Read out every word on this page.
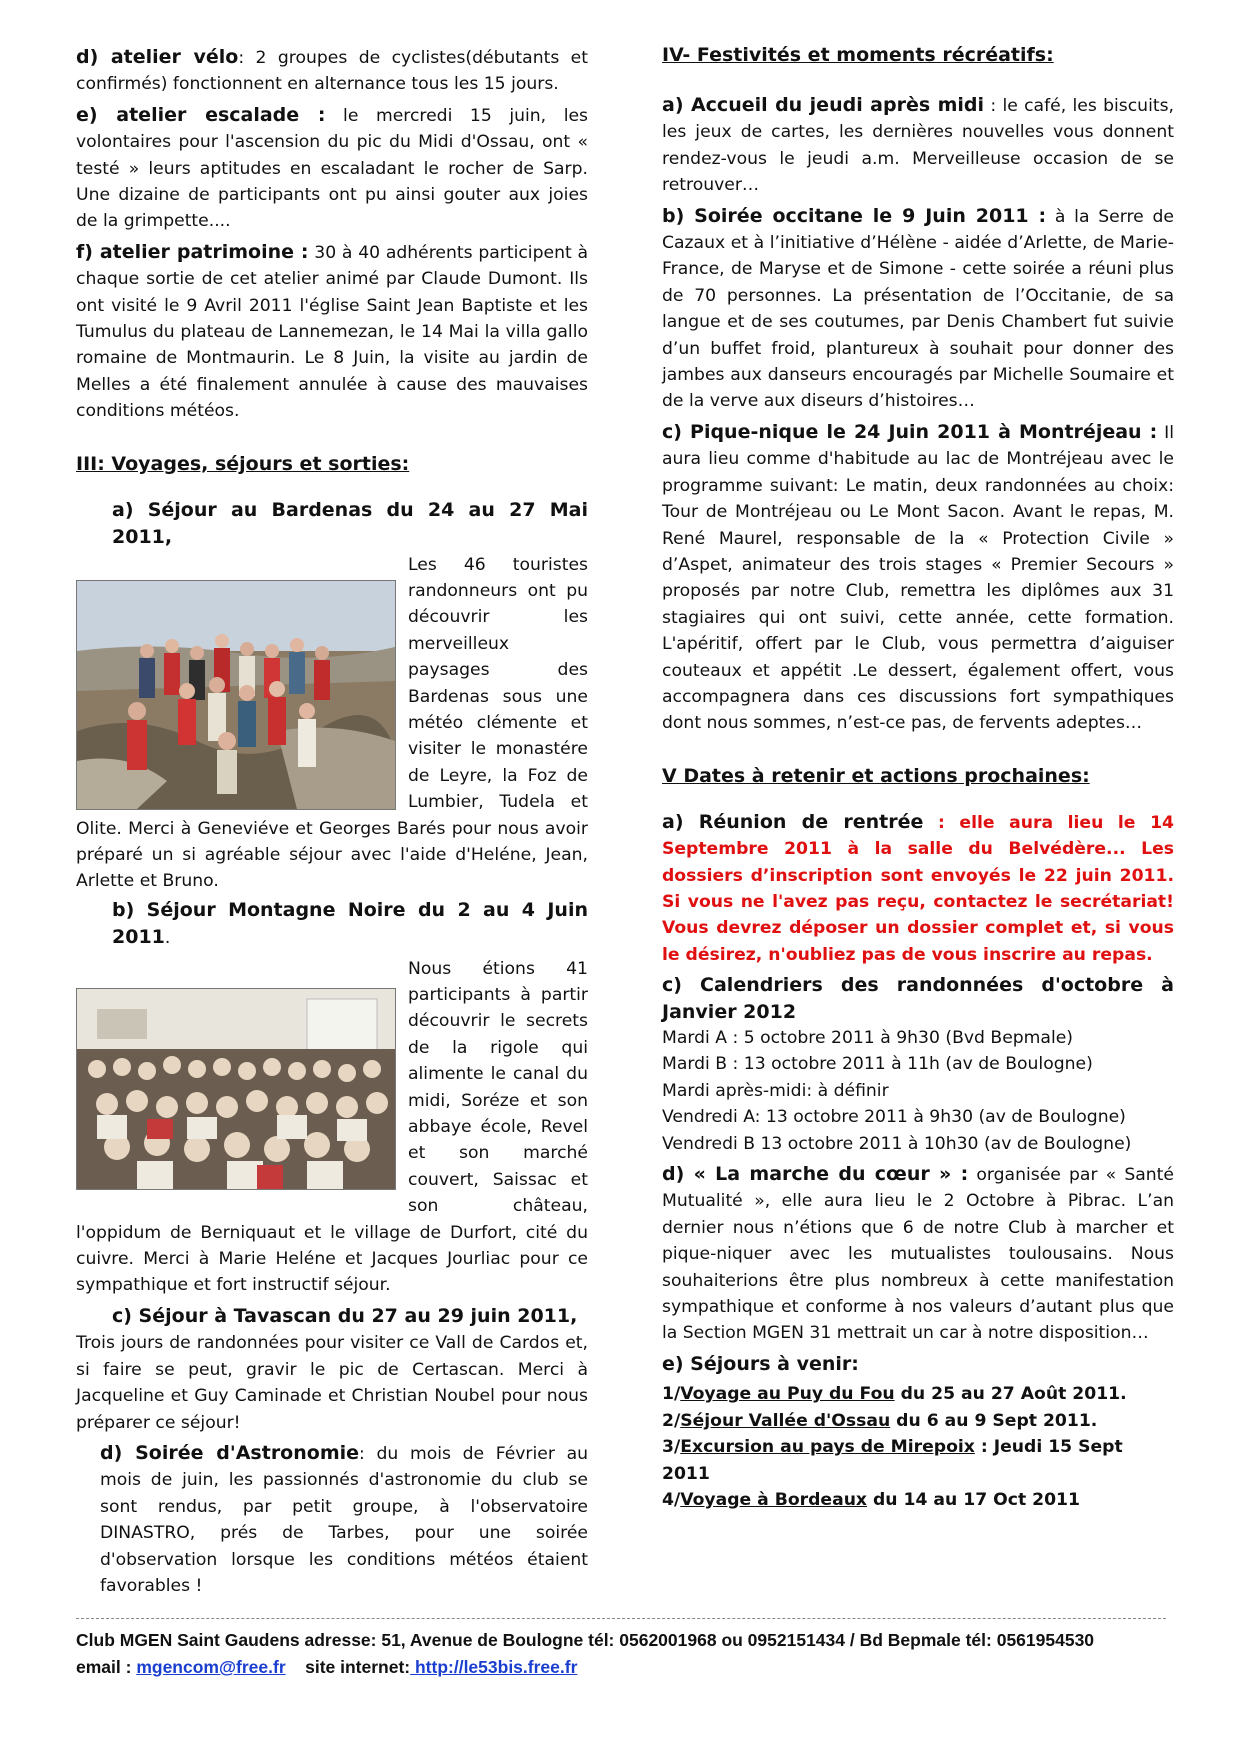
d) atelier vélo: 2 groupes de cyclistes(débutants et confirmés) fonctionnent en alternance tous les 15 jours.

e) atelier escalade : le mercredi 15 juin, les volontaires pour l'ascension du pic du Midi d'Ossau, ont « testé » leurs aptitudes en escaladant le rocher de Sarp. Une dizaine de participants ont pu ainsi gouter aux joies de la grimpette....

f) atelier patrimoine : 30 à 40 adhérents participent à chaque sortie de cet atelier animé par Claude Dumont. Ils ont visité le 9 Avril 2011 l'église Saint Jean Baptiste et les Tumulus du plateau de Lannemezan, le 14 Mai la villa gallo romaine de Montmaurin. Le 8 Juin, la visite au jardin de Melles a été finalement annulée à cause des mauvaises conditions météos.

III: Voyages, séjours et sorties:

a) Séjour au Bardenas du 24 au 27 Mai 2011,

Les 46 touristes randonneurs ont pu découvrir les merveilleux paysages des Bardenas sous une météo clémente et visiter le monastére de Leyre, la Foz de Lumbier, Tudela et Olite. Merci à Geneviéve et Georges Barés pour nous avoir préparé un si agréable séjour avec l'aide d'Heléne, Jean, Arlette et Bruno.

b) Séjour Montagne Noire du 2 au 4 Juin 2011.

Nous étions 41 participants à partir découvrir le secrets de la rigole qui alimente le canal du midi, Soréze et son abbaye école, Revel et son marché couvert, Saissac et son château, l'oppidum de Berniquaut et le village de Durfort, cité du cuivre. Merci à Marie Heléne et Jacques Jourliac pour ce sympathique et fort instructif séjour.

c) Séjour à Tavascan du 27 au 29 juin 2011,

Trois jours de randonnées pour visiter ce Vall de Cardos et, si faire se peut, gravir le pic de Certascan. Merci à Jacqueline et Guy Caminade et Christian Noubel pour nous préparer ce séjour!

d) Soirée d'Astronomie: du mois de Février au mois de juin, les passionnés d'astronomie du club se sont rendus, par petit groupe, à l'observatoire DINASTRO, prés de Tarbes, pour une soirée d'observation lorsque les conditions météos étaient favorables !

IV- Festivités et moments récréatifs:

a) Accueil du jeudi après midi : le café, les biscuits, les jeux de cartes, les dernières nouvelles vous donnent rendez-vous le jeudi a.m. Merveilleuse occasion de se retrouver…

b) Soirée occitane le 9 Juin 2011 : à la Serre de Cazaux et à l’initiative d’Hélène - aidée d’Arlette, de Marie-France, de Maryse et de Simone - cette soirée a réuni plus de 70 personnes. La présentation de l’Occitanie, de sa langue et de ses coutumes, par Denis Chambert fut suivie d’un buffet froid, plantureux à souhait pour donner des jambes aux danseurs encouragés par Michelle Soumaire et de la verve aux diseurs d’histoires…

c) Pique-nique le 24 Juin 2011 à Montréjeau : Il aura lieu comme d'habitude au lac de Montréjeau avec le programme suivant: Le matin, deux randonnées au choix: Tour de Montréjeau ou Le Mont Sacon. Avant le repas, M. René Maurel, responsable de la « Protection Civile » d’Aspet, animateur des trois stages « Premier Secours » proposés par notre Club, remettra les diplômes aux 31 stagiaires qui ont suivi, cette année, cette formation. L'apéritif, offert par le Club, vous permettra d’aiguiser couteaux et appétit .Le dessert, également offert, vous accompagnera dans ces discussions fort sympathiques dont nous sommes, n’est-ce pas, de fervents adeptes…

V Dates à retenir et actions prochaines:

a) Réunion de rentrée : elle aura lieu le 14 Septembre 2011 à la salle du Belvédère... Les dossiers d’inscription sont envoyés le 22 juin 2011. Si vous ne l'avez pas reçu, contactez le secrétariat! Vous devrez déposer un dossier complet et, si vous le désirez, n'oubliez pas de vous inscrire au repas.

c) Calendriers des randonnées d'octobre à Janvier 2012

Mardi A : 5 octobre 2011 à 9h30 (Bvd Bepmale)

Mardi B : 13 octobre 2011 à 11h (av de Boulogne)

Mardi après-midi: à définir

Vendredi A: 13 octobre 2011 à 9h30 (av de Boulogne)

Vendredi B 13 octobre 2011 à 10h30 (av de Boulogne)

d) « La marche du cœur » : organisée par « Santé Mutualité », elle aura lieu le 2 Octobre à Pibrac. L’an dernier nous n’étions que 6 de notre Club à marcher et pique-niquer avec les mutualistes toulousains. Nous souhaiterions être plus nombreux à cette manifestation sympathique et conforme à nos valeurs d’autant plus que la Section MGEN 31 mettrait un car à notre disposition…

e) Séjours à venir:

1/Voyage au Puy du Fou du 25 au 27 Août 2011.

2/Séjour Vallée d'Ossau du 6 au 9 Sept 2011.

3/Excursion au pays de Mirepoix : Jeudi 15 Sept 2011

4/Voyage à Bordeaux du 14 au 17 Oct 2011

Club MGEN Saint Gaudens adresse: 51, Avenue de Boulogne tél: 0562001968 ou 0952151434 / Bd Bepmale tél: 0561954530

email : mgencom@free.fr site internet: http://le53bis.free.fr
